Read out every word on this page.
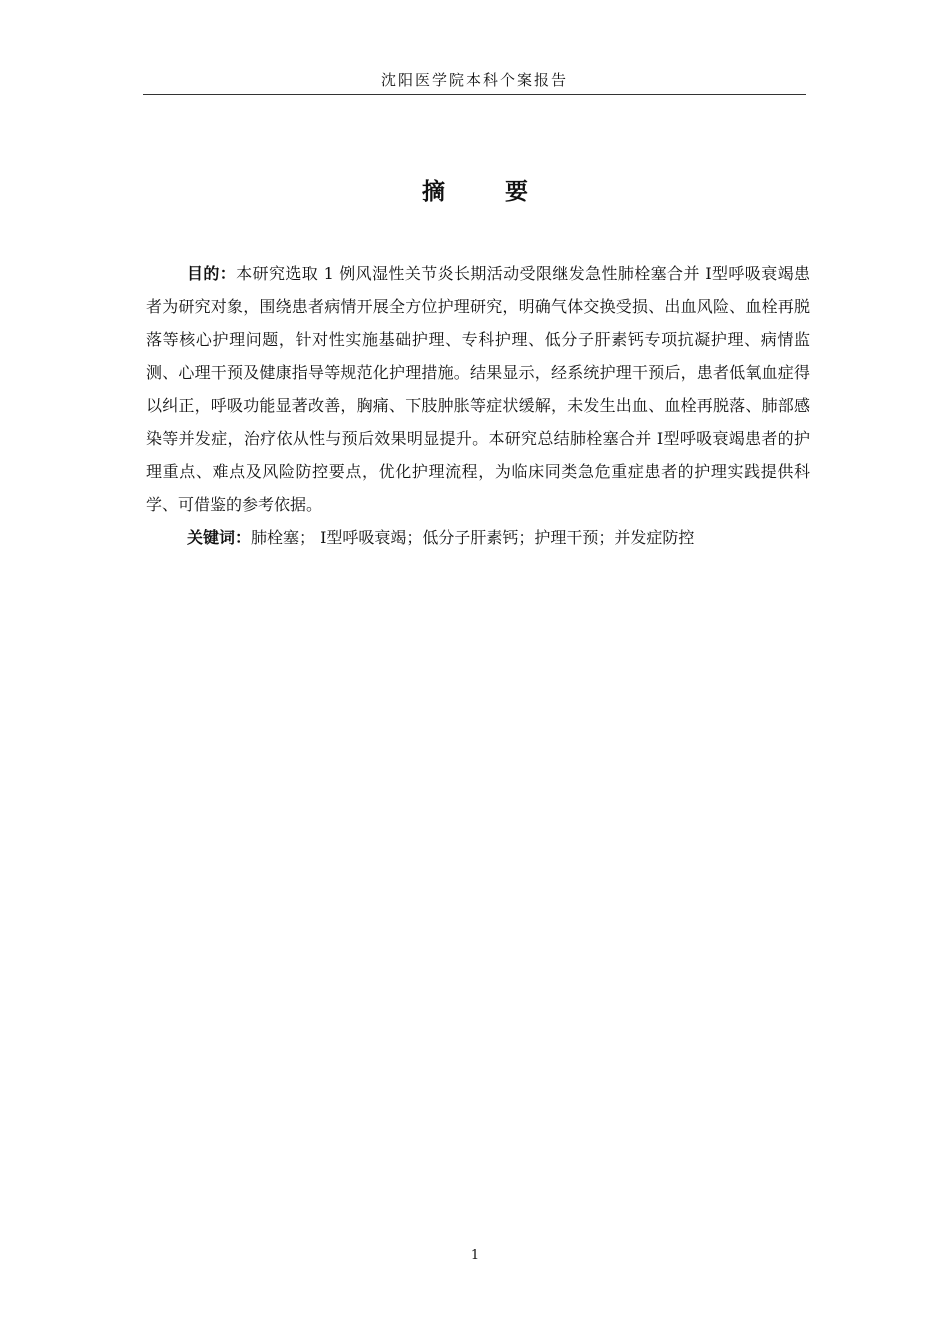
沈阳医学院本科个案报告
摘 要

目的：本研究选取 1 例风湿性关节炎长期活动受限继发急性肺栓塞合并 Ⅰ型呼吸衰竭患者为研究对象，围绕患者病情开展全方位护理研究，明确气体交换受损、出血风险、血栓再脱落等核心护理问题，针对性实施基础护理、专科护理、低分子肝素钙专项抗凝护理、病情监测、心理干预及健康指导等规范化护理措施。结果显示，经系统护理干预后，患者低氧血症得以纠正，呼吸功能显著改善，胸痛、下肢肿胀等症状缓解，未发生出血、血栓再脱落、肺部感染等并发症，治疗依从性与预后效果明显提升。本研究总结肺栓塞合并 Ⅰ型呼吸衰竭患者的护理重点、难点及风险防控要点，优化护理流程，为临床同类急危重症患者的护理实践提供科学、可借鉴的参考依据。

关键词：肺栓塞； Ⅰ型呼吸衰竭；低分子肝素钙；护理干预；并发症防控

1
